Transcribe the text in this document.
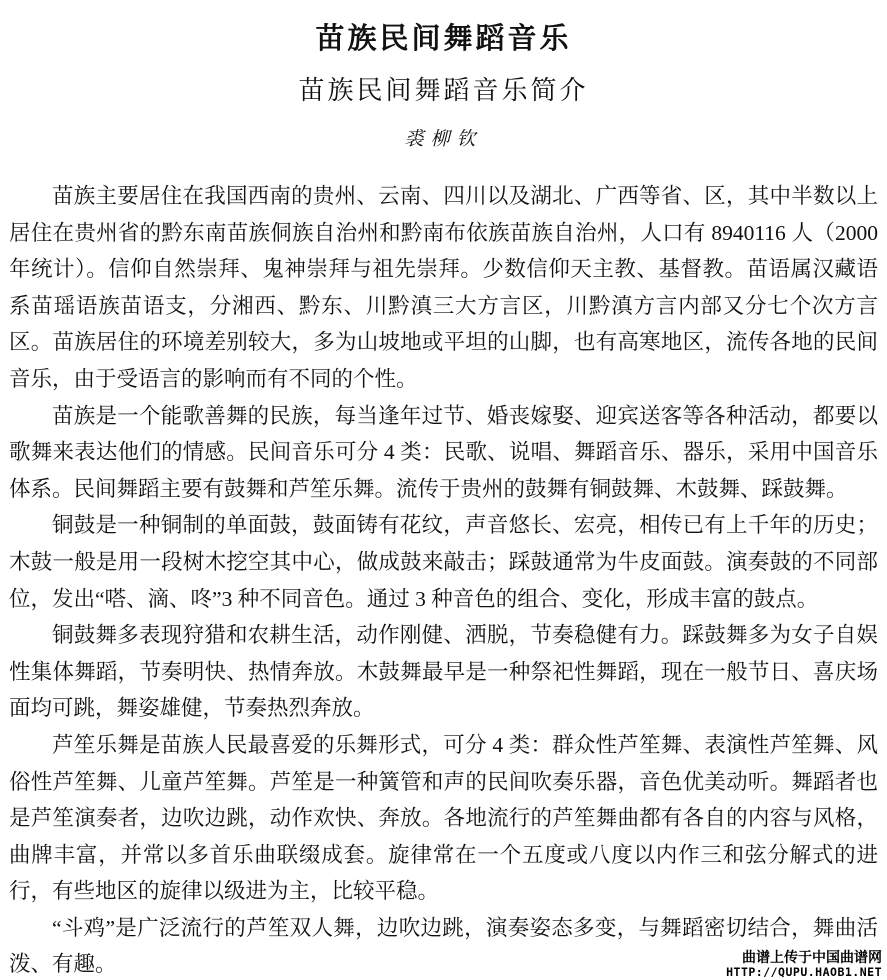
苗族民间舞蹈音乐
苗族民间舞蹈音乐简介
裘柳钦

苗族主要居住在我国西南的贵州、云南、四川以及湖北、广西等省、区，其中半数以上居住在贵州省的黔东南苗族侗族自治州和黔南布依族苗族自治州，人口有 8940116 人（2000 年统计）。信仰自然崇拜、鬼神崇拜与祖先崇拜。少数信仰天主教、基督教。苗语属汉藏语系苗瑶语族苗语支，分湘西、黔东、川黔滇三大方言区，川黔滇方言内部又分七个次方言区。苗族居住的环境差别较大，多为山坡地或平坦的山脚，也有高寒地区，流传各地的民间音乐，由于受语言的影响而有不同的个性。

苗族是一个能歌善舞的民族，每当逢年过节、婚丧嫁娶、迎宾送客等各种活动，都要以歌舞来表达他们的情感。民间音乐可分 4 类：民歌、说唱、舞蹈音乐、器乐，采用中国音乐体系。民间舞蹈主要有鼓舞和芦笙乐舞。流传于贵州的鼓舞有铜鼓舞、木鼓舞、踩鼓舞。

铜鼓是一种铜制的单面鼓，鼓面铸有花纹，声音悠长、宏亮，相传已有上千年的历史；木鼓一般是用一段树木挖空其中心，做成鼓来敲击；踩鼓通常为牛皮面鼓。演奏鼓的不同部位，发出“嗒、滴、咚”3 种不同音色。通过 3 种音色的组合、变化，形成丰富的鼓点。

铜鼓舞多表现狩猎和农耕生活，动作刚健、洒脱，节奏稳健有力。踩鼓舞多为女子自娱性集体舞蹈，节奏明快、热情奔放。木鼓舞最早是一种祭祀性舞蹈，现在一般节日、喜庆场面均可跳，舞姿雄健，节奏热烈奔放。

芦笙乐舞是苗族人民最喜爱的乐舞形式，可分 4 类：群众性芦笙舞、表演性芦笙舞、风俗性芦笙舞、儿童芦笙舞。芦笙是一种簧管和声的民间吹奏乐器，音色优美动听。舞蹈者也是芦笙演奏者，边吹边跳，动作欢快、奔放。各地流行的芦笙舞曲都有各自的内容与风格，曲牌丰富，并常以多首乐曲联缀成套。旋律常在一个五度或八度以内作三和弦分解式的进行，有些地区的旋律以级进为主，比较平稳。

“斗鸡”是广泛流行的芦笙双人舞，边吹边跳，演奏姿态多变，与舞蹈密切结合，舞曲活泼、有趣。	曲谱上传于中国曲谱网
HTTP://QUPU.HAOB1.NET
